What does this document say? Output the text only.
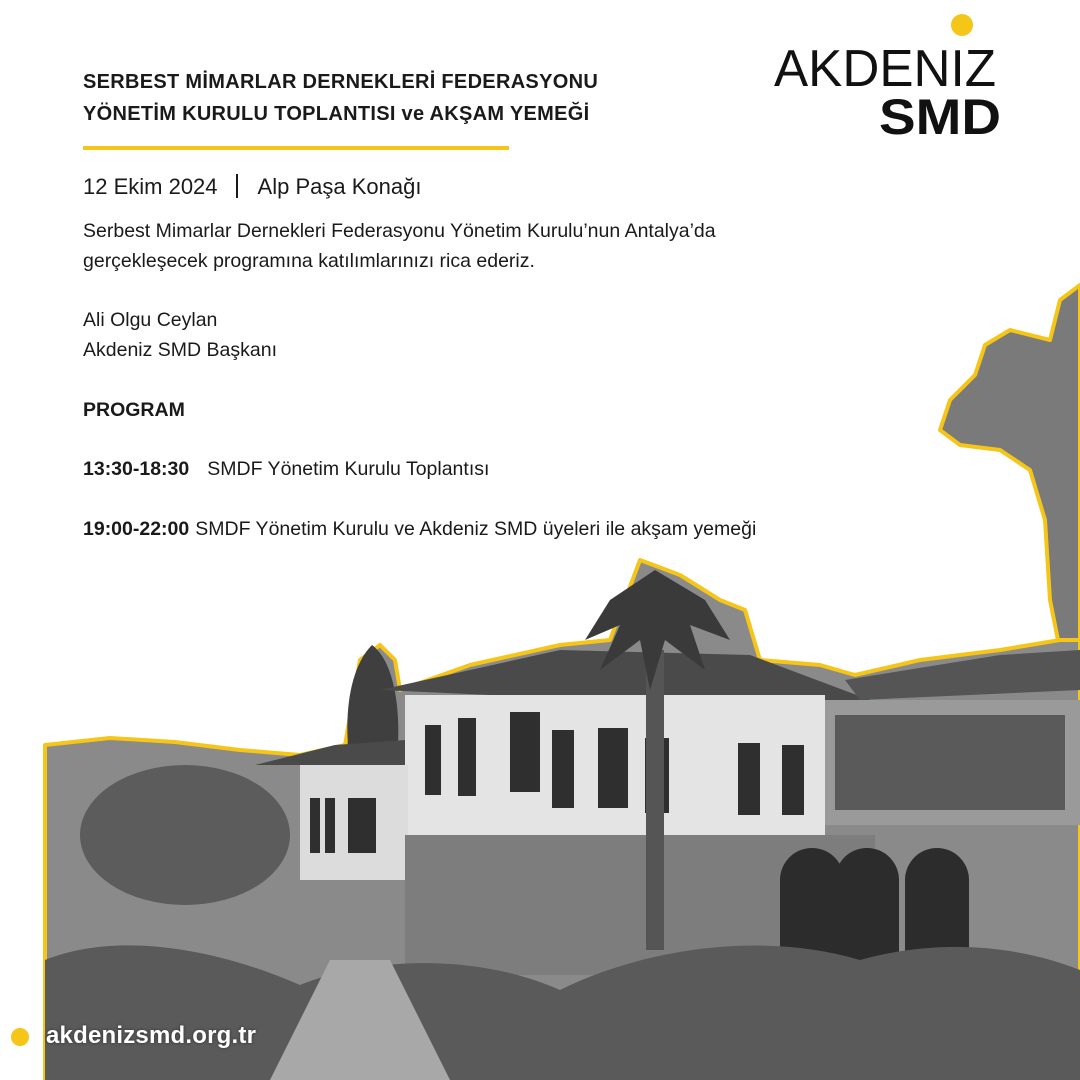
SERBEST MİMARLAR DERNEKLERİ FEDERASYONU
YÖNETİM KURULU TOPLANTISI ve AKŞAM YEMEĞİ
AKDENIZ
SMD
12 Ekim 2024 Alp Paşa Konağı

Serbest Mimarlar Dernekleri Federasyonu Yönetim Kurulu’nun Antalya’da
gerçekleşecek programına katılımlarınızı rica ederiz.

Ali Olgu Ceylan
Akdeniz SMD Başkanı

PROGRAM
13:30-18:30 SMDF Yönetim Kurulu Toplantısı
19:00-22:00 SMDF Yönetim Kurulu ve Akdeniz SMD üyeleri ile akşam yemeği
akdenizsmd.org.tr
